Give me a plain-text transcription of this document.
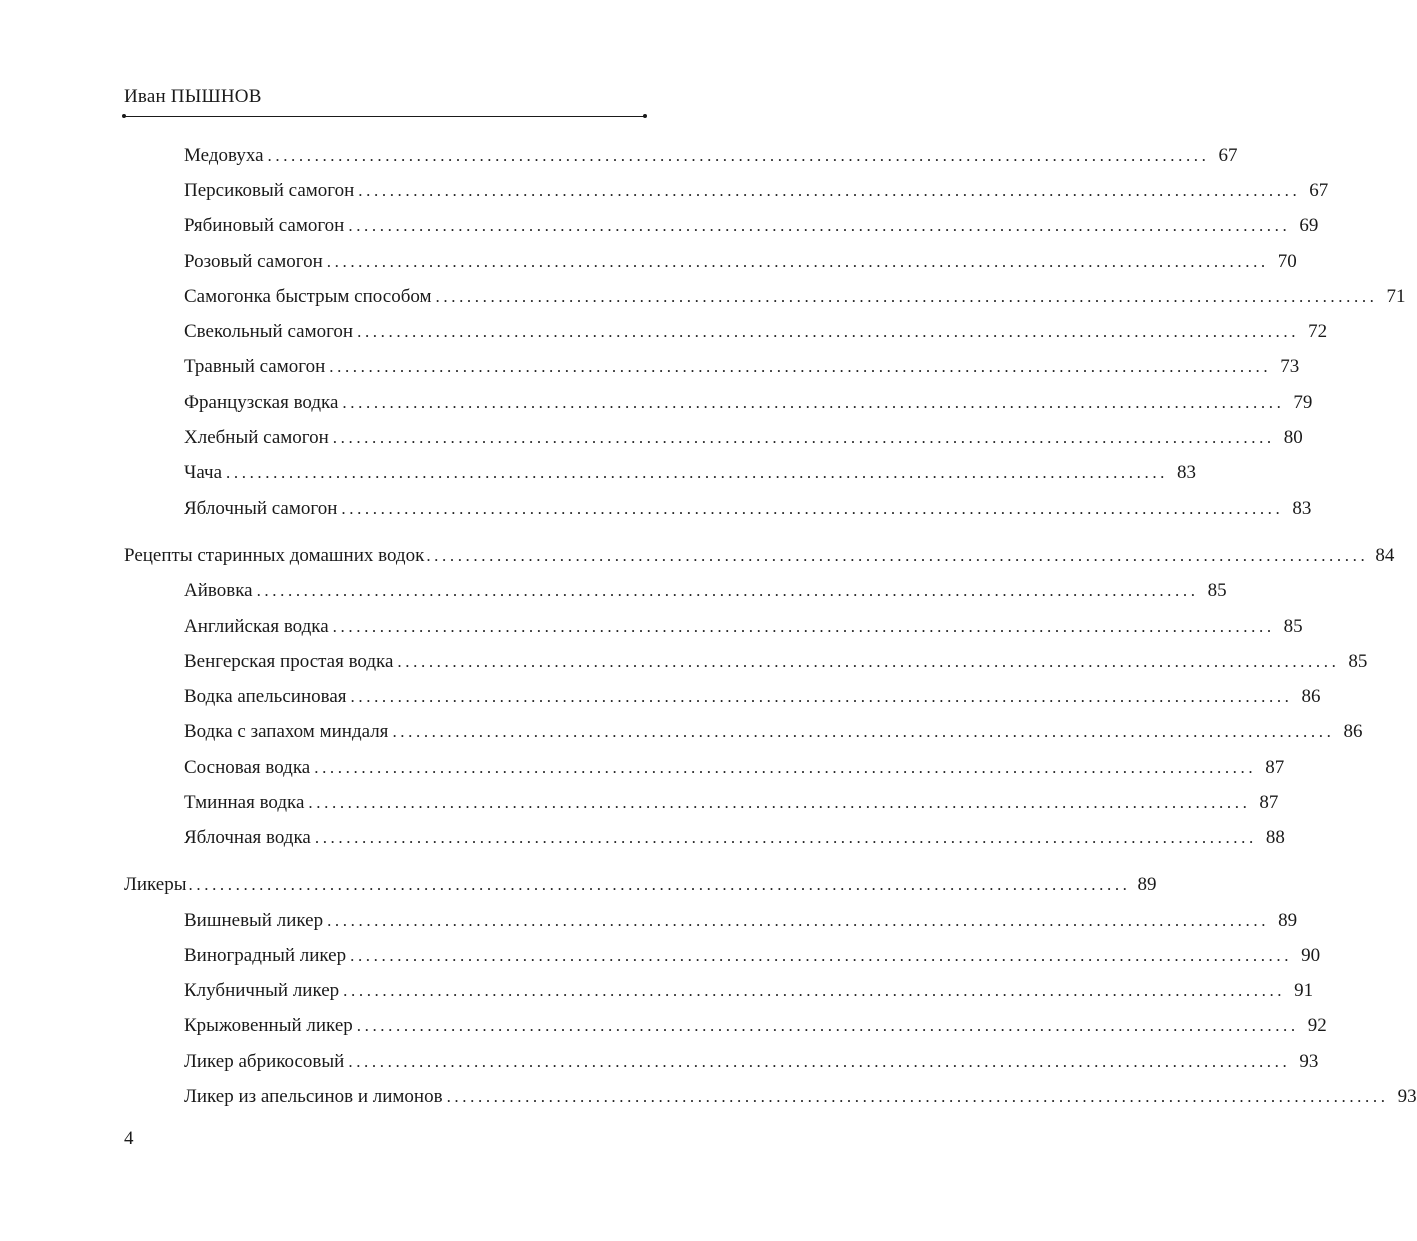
Иван ПЫШНОВ
Медовуха ........................................................................................................................ 67
Персиковый самогон ........................................................................................................................ 67
Рябиновый самогон ........................................................................................................................ 69
Розовый самогон ........................................................................................................................ 70
Самогонка быстрым способом ........................................................................................................................ 71
Свекольный самогон ........................................................................................................................ 72
Травный самогон ........................................................................................................................ 73
Французская водка ........................................................................................................................ 79
Хлебный самогон ........................................................................................................................ 80
Чача ........................................................................................................................ 83
Яблочный самогон ........................................................................................................................ 83
Рецепты старинных домашних водок ........................................................................................................................ 84
Айвовка ........................................................................................................................ 85
Английская водка ........................................................................................................................ 85
Венгерская простая водка ........................................................................................................................ 85
Водка апельсиновая ........................................................................................................................ 86
Водка с запахом миндаля ........................................................................................................................ 86
Сосновая водка ........................................................................................................................ 87
Тминная водка ........................................................................................................................ 87
Яблочная водка ........................................................................................................................ 88
Ликеры ........................................................................................................................ 89
Вишневый ликер ........................................................................................................................ 89
Виноградный ликер ........................................................................................................................ 90
Клубничный ликер ........................................................................................................................ 91
Крыжовенный ликер ........................................................................................................................ 92
Ликер абрикосовый ........................................................................................................................ 93
Ликер из апельсинов и лимонов ........................................................................................................................ 93
4
